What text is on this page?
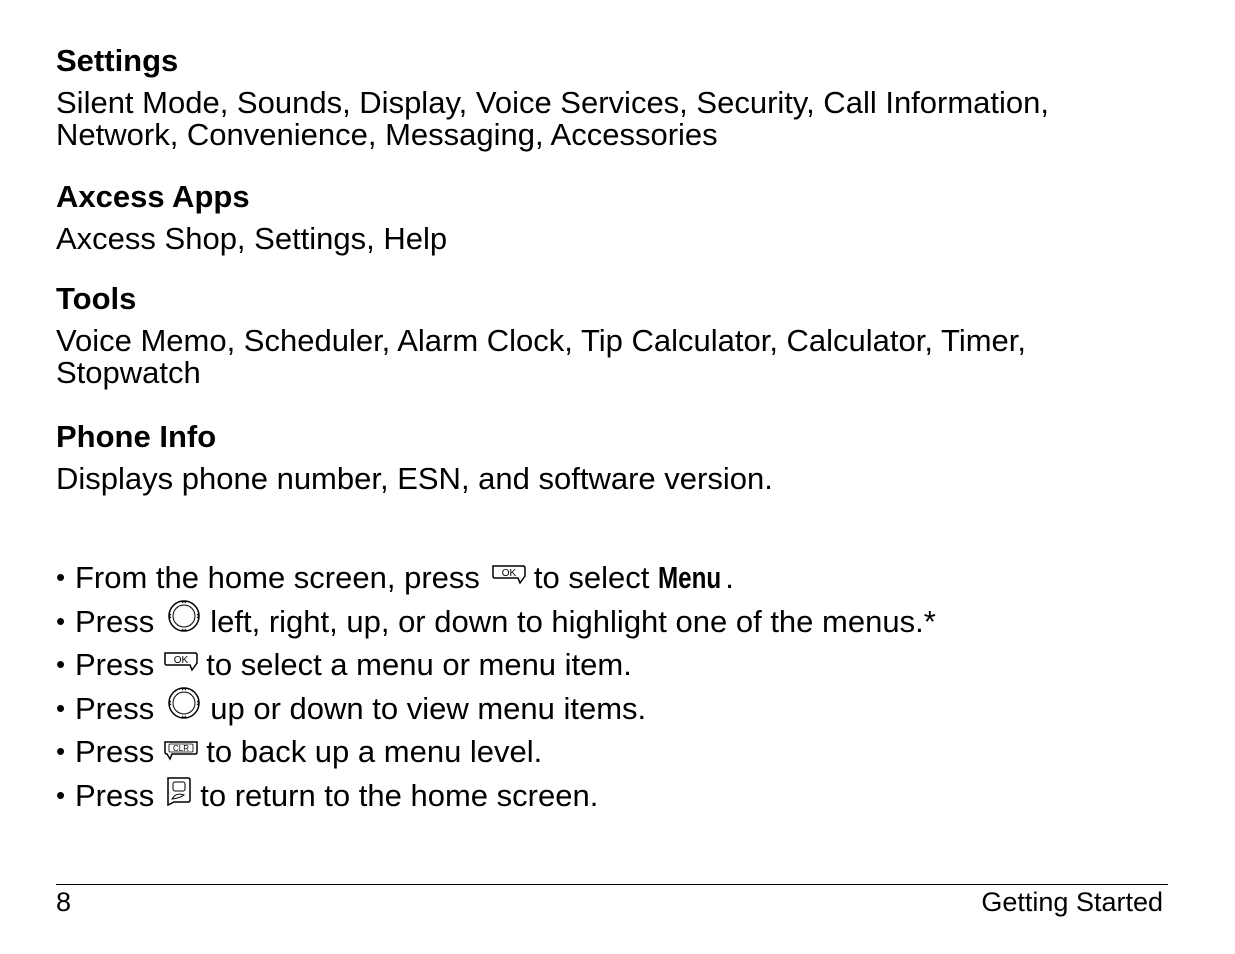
Settings

Silent Mode, Sounds, Display, Voice Services, Security, Call Information, Network, Convenience, Messaging, Accessories

Axcess Apps

Axcess Shop, Settings, Help

Tools

Voice Memo, Scheduler, Alarm Clock, Tip Calculator, Calculator, Timer, Stopwatch

Phone Info

Displays phone number, ESN, and software version.

• From the home screen, press OK to select Menu .
• Press left, right, up, or down to highlight one of the menus.*
• Press OK to select a menu or menu item.
• Press up or down to view menu items.
• Press CLR to back up a menu level.
• Press to return to the home screen.
8	Getting Started
